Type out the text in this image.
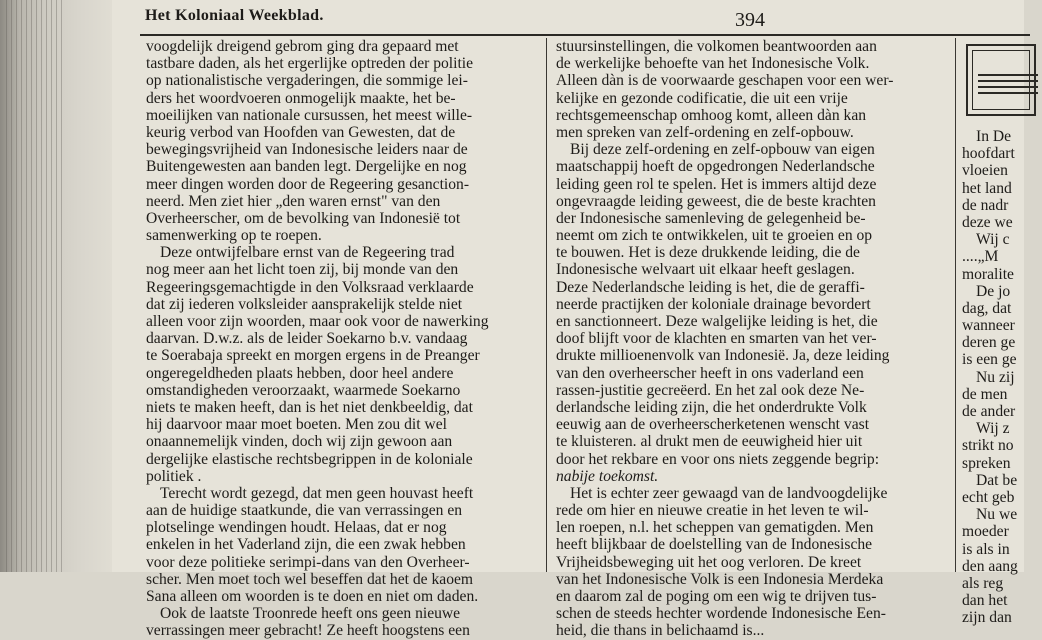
Het Koloniaal Weekblad.	394
voogdelijk dreigend gebrom ging dra gepaard met
tastbare daden, als het ergerlijke optreden der politie
op nationalistische vergaderingen, die sommige lei-
ders het woordvoeren onmogelijk maakte, het be-
moeilijken van nationale cursussen, het meest wille-
keurig verbod van Hoofden van Gewesten, dat de
bewegingsvrijheid van Indonesische leiders naar de
Buitengewesten aan banden legt. Dergelijke en nog
meer dingen worden door de Regeering gesanction-
neerd. Men ziet hier „den waren ernst" van den
Overheerscher, om de bevolking van Indonesië tot
samenwerking op te roepen.
Deze ontwijfelbare ernst van de Regeering trad
nog meer aan het licht toen zij, bij monde van den
Regeeringsgemachtigde in den Volksraad verklaarde
dat zij iederen volksleider aansprakelijk stelde niet
alleen voor zijn woorden, maar ook voor de nawerking
daarvan. D.w.z. als de leider Soekarno b.v. vandaag
te Soerabaja spreekt en morgen ergens in de Preanger
ongeregeldheden plaats hebben, door heel andere
omstandigheden veroorzaakt, waarmede Soekarno
niets te maken heeft, dan is het niet denkbeeldig, dat
hij daarvoor maar moet boeten. Men zou dit wel
onaannemelijk vinden, doch wij zijn gewoon aan
dergelijke elastische rechtsbegrippen in de koloniale
politiek .
Terecht wordt gezegd, dat men geen houvast heeft
aan de huidige staatkunde, die van verrassingen en
plotselinge wendingen houdt. Helaas, dat er nog
enkelen in het Vaderland zijn, die een zwak hebben
voor deze politieke serimpi-dans van den Overheer-
scher. Men moet toch wel beseffen dat het de kaoem
Sana alleen om woorden is te doen en niet om daden.
Ook de laatste Troonrede heeft ons geen nieuwe
verrassingen meer gebracht! Ze heeft hoogstens een
stuursinstellingen, die volkomen beantwoorden aan
de werkelijke behoefte van het Indonesische Volk.
Alleen dàn is de voorwaarde geschapen voor een wer-
kelijke en gezonde codificatie, die uit een vrije
rechtsgemeenschap omhoog komt, alleen dàn kan
men spreken van zelf-ordening en zelf-opbouw.
Bij deze zelf-ordening en zelf-opbouw van eigen
maatschappij hoeft de opgedrongen Nederlandsche
leiding geen rol te spelen. Het is immers altijd deze
ongevraagde leiding geweest, die de beste krachten
der Indonesische samenleving de gelegenheid be-
neemt om zich te ontwikkelen, uit te groeien en op
te bouwen. Het is deze drukkende leiding, die de
Indonesische welvaart uit elkaar heeft geslagen.
Deze Nederlandsche leiding is het, die de geraffi-
neerde practijken der koloniale drainage bevordert
en sanctionneert. Deze walgelijke leiding is het, die
doof blijft voor de klachten en smarten van het ver-
drukte millioenenvolk van Indonesië. Ja, deze leiding
van den overheerscher heeft in ons vaderland een
rassen-justitie gecreëerd. En het zal ook deze Ne-
derlandsche leiding zijn, die het onderdrukte Volk
eeuwig aan de overheerscherketenen wenscht vast
te kluisteren. al drukt men de eeuwigheid hier uit
door het rekbare en voor ons niets zeggende begrip:
nabije toekomst.
Het is echter zeer gewaagd van de landvoogdelijke
rede om hier en nieuwe creatie in het leven te wil-
len roepen, n.l. het scheppen van gematigden. Men
heeft blijkbaar de doelstelling van de Indonesische
Vrijheidsbeweging uit het oog verloren. De kreet
van het Indonesische Volk is een Indonesia Merdeka
en daarom zal de poging om een wig te drijven tus-
schen de steeds hechter wordende Indonesische Een-
heid, die thans in belichaamd is...
In De
hoofdart
vloeien
het land
de nadr
deze we
Wij c
....„M
moralite
De jo
dag, dat
wanneer
deren ge
is een ge
Nu zij
de men
de ander
Wij z
strikt no
spreken
Dat be
echt geb
Nu we
moeder
is als in
den aang
als reg
dan het
zijn dan
